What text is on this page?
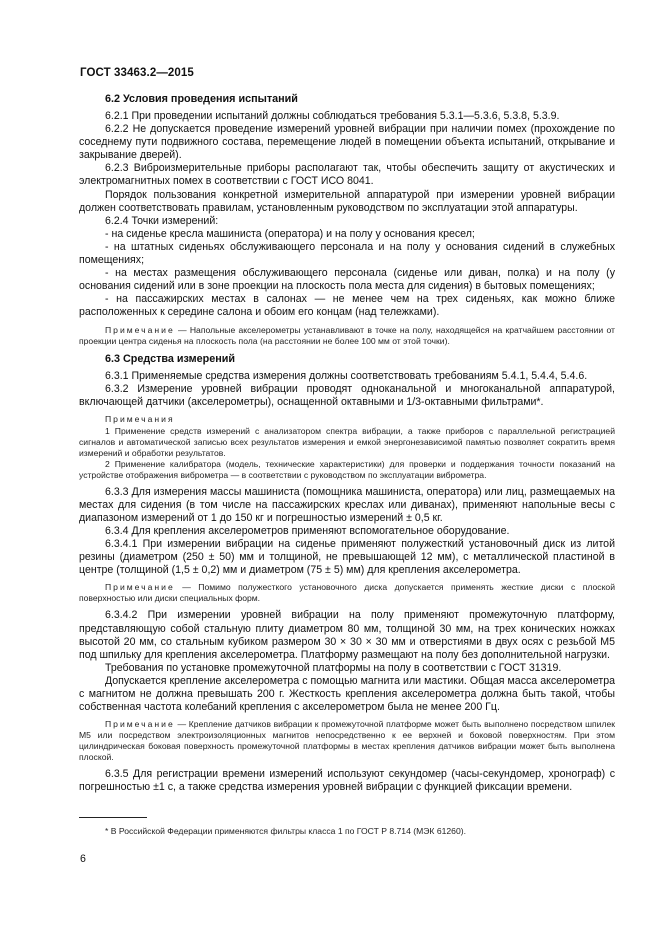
ГОСТ 33463.2—2015
6.2 Условия проведения испытаний

6.2.1 При проведении испытаний должны соблюдаться требования 5.3.1—5.3.6, 5.3.8, 5.3.9.

6.2.2 Не допускается проведение измерений уровней вибрации при наличии помех (прохождение по соседнему пути подвижного состава, перемещение людей в помещении объекта испытаний, открывание и закрывание дверей).

6.2.3 Виброизмерительные приборы располагают так, чтобы обеспечить защиту от акустических и электромагнитных помех в соответствии с ГОСТ ИСО 8041.

Порядок пользования конкретной измерительной аппаратурой при измерении уровней вибрации должен соответствовать правилам, установленным руководством по эксплуатации этой аппаратуры.

6.2.4 Точки измерений:

- на сиденье кресла машиниста (оператора) и на полу у основания кресел;

- на штатных сиденьях обслуживающего персонала и на полу у основания сидений в служебных помещениях;

- на местах размещения обслуживающего персонала (сиденье или диван, полка) и на полу (у основания сидений или в зоне проекции на плоскость пола места для сидения) в бытовых помещениях;

- на пассажирских местах в салонах — не менее чем на трех сиденьях, как можно ближе расположенных к середине салона и обоим его концам (над тележками).

Примечание — Напольные акселерометры устанавливают в точке на полу, находящейся на кратчайшем расстоянии от проекции центра сиденья на плоскость пола (на расстоянии не более 100 мм от этой точки).

6.3 Средства измерений

6.3.1 Применяемые средства измерения должны соответствовать требованиям 5.4.1, 5.4.4, 5.4.6.

6.3.2 Измерение уровней вибрации проводят одноканальной и многоканальной аппаратурой, включающей датчики (акселерометры), оснащенной октавными и 1/3-октавными фильтрами*.

Примечания

1 Применение средств измерений с анализатором спектра вибрации, а также приборов с параллельной регистрацией сигналов и автоматической записью всех результатов измерения и емкой энергонезависимой памятью позволяет сократить время измерений и обработки результатов.

2 Применение калибратора (модель, технические характеристики) для проверки и поддержания точности показаний на устройстве отображения виброметра — в соответствии с руководством по эксплуатации виброметра.

6.3.3 Для измерения массы машиниста (помощника машиниста, оператора) или лиц, размещаемых на местах для сидения (в том числе на пассажирских креслах или диванах), применяют напольные весы с диапазоном измерений от 1 до 150 кг и погрешностью измерений ± 0,5 кг.

6.3.4 Для крепления акселерометров применяют вспомогательное оборудование.

6.3.4.1 При измерении вибрации на сиденье применяют полужесткий установочный диск из литой резины (диаметром (250 ± 50) мм и толщиной, не превышающей 12 мм), с металлической пластиной в центре (толщиной (1,5 ± 0,2) мм и диаметром (75 ± 5) мм) для крепления акселерометра.

Примечание — Помимо полужесткого установочного диска допускается применять жесткие диски с плоской поверхностью или диски специальных форм.

6.3.4.2 При измерении уровней вибрации на полу применяют промежуточную платформу, представляющую собой стальную плиту диаметром 80 мм, толщиной 30 мм, на трех конических ножках высотой 20 мм, со стальным кубиком размером 30 × 30 × 30 мм и отверстиями в двух осях с резьбой М5 под шпильку для крепления акселерометра. Платформу размещают на полу без дополнительной нагрузки.

Требования по установке промежуточной платформы на полу в соответствии с ГОСТ 31319.

Допускается крепление акселерометра с помощью магнита или мастики. Общая масса акселерометра с магнитом не должна превышать 200 г. Жесткость крепления акселерометра должна быть такой, чтобы собственная частота колебаний крепления с акселерометром была не менее 200 Гц.

Примечание — Крепление датчиков вибрации к промежуточной платформе может быть выполнено посредством шпилек М5 или посредством электроизоляционных магнитов непосредственно к ее верхней и боковой поверхностям. При этом цилиндрическая боковая поверхность промежуточной платформы в местах крепления датчиков вибрации может быть выполнена плоской.

6.3.5 Для регистрации времени измерений используют секундомер (часы-секундомер, хронограф) с погрешностью ±1 с, а также средства измерения уровней вибрации с функцией фиксации времени.

* В Российской Федерации применяются фильтры класса 1 по ГОСТ Р 8.714 (МЭК 61260).
6
